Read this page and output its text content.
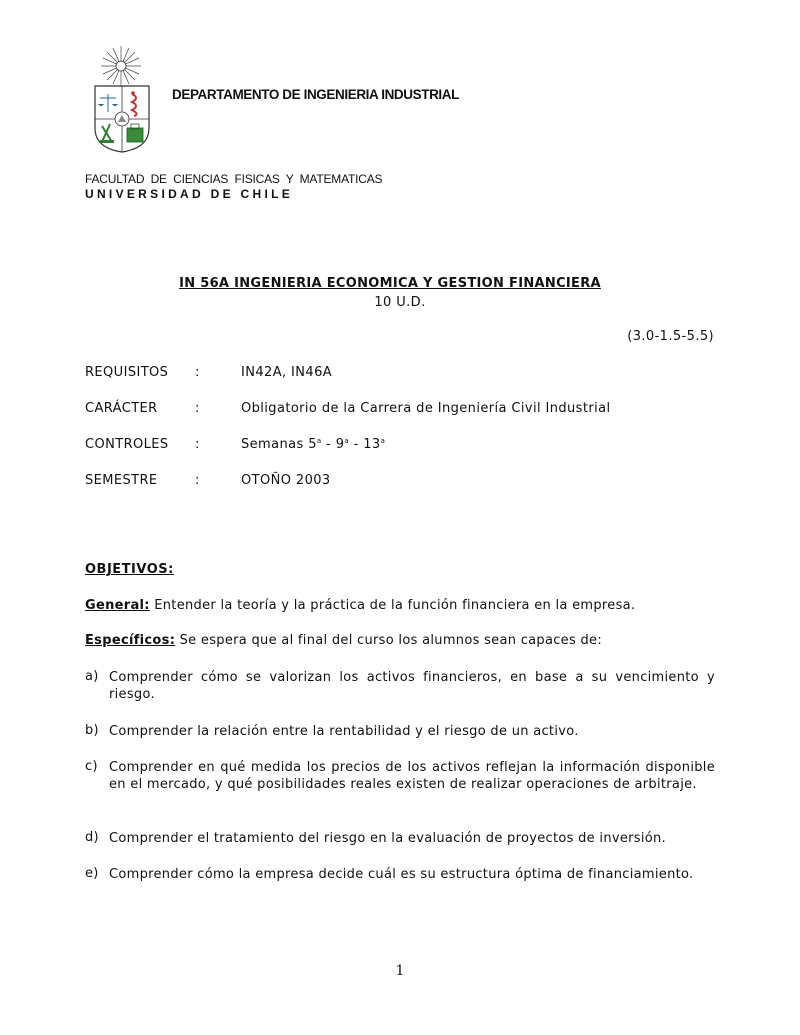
DEPARTAMENTO DE INGENIERIA INDUSTRIAL
FACULTAD  DE  CIENCIAS  FISICAS  Y  MATEMATICAS
UNIVERSIDAD DE CHILE
IN 56A INGENIERIA ECONOMICA Y GESTION FINANCIERA
10 U.D.
(3.0-1.5-5.5)
REQUISITOS :	IN42A, IN46A
CARÁCTER	:	Obligatorio de la Carrera de Ingeniería Civil Industrial
CONTROLES :	Semanas 5$^a$ - 9$^a$ - 13$^a$
SEMESTRE	:	OTOÑO 2003
OBJETIVOS:
General: Entender la teoría y la práctica de la función financiera en la empresa.
Específicos: Se espera que al final del curso los alumnos sean capaces de:
a) Comprender cómo se valorizan los activos financieros, en base a su vencimiento y riesgo.
b) Comprender la relación entre la rentabilidad y el riesgo de un activo.
c) Comprender en qué medida los precios de los activos reflejan la información disponible en el mercado, y qué posibilidades reales existen de realizar operaciones de arbitraje.
d) Comprender el tratamiento del riesgo en la evaluación de proyectos de inversión.
e) Comprender cómo la empresa decide cuál es su estructura óptima de financiamiento.
1
